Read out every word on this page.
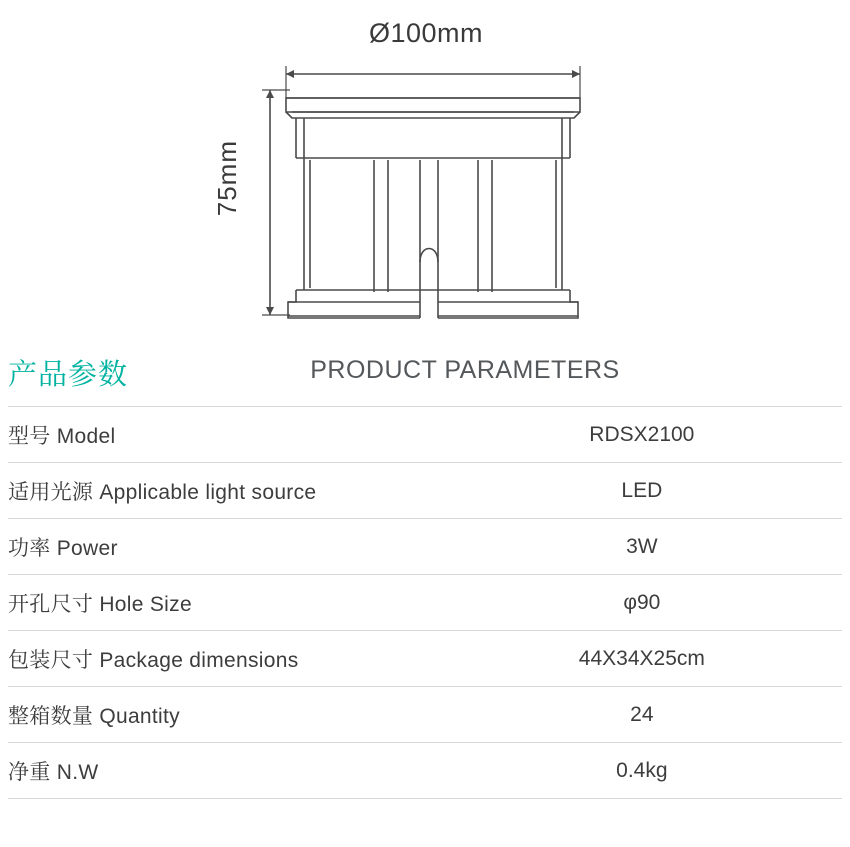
Ø100mm
75mm
产品参数	PRODUCT PARAMETERS
型号 Model	RDSX2100
适用光源 Applicable light source	LED
功率 Power	3W
开孔尺寸 Hole Size	φ90
包装尺寸 Package dimensions	44X34X25cm
整箱数量 Quantity	24
净重 N.W	0.4kg
